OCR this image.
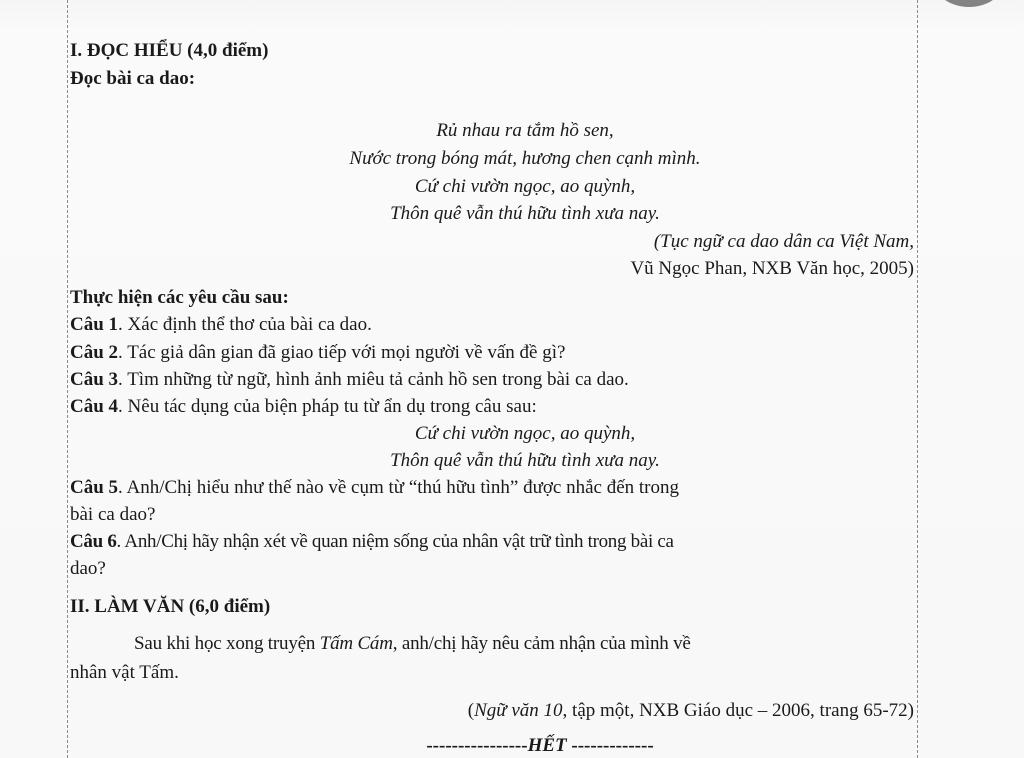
I. ĐỌC HIỂU (4,0 điểm)
Đọc bài ca dao:
Rủ nhau ra tắm hồ sen,
Nước trong bóng mát, hương chen cạnh mình.
Cứ chi vườn ngọc, ao quỳnh,
Thôn quê vẫn thú hữu tình xưa nay.
(Tục ngữ ca dao dân ca Việt Nam,
Vũ Ngọc Phan, NXB Văn học, 2005)
Thực hiện các yêu cầu sau:
Câu 1. Xác định thể thơ của bài ca dao.
Câu 2. Tác giả dân gian đã giao tiếp với mọi người về vấn đề gì?
Câu 3. Tìm những từ ngữ, hình ảnh miêu tả cảnh hồ sen trong bài ca dao.
Câu 4. Nêu tác dụng của biện pháp tu từ ẩn dụ trong câu sau:
Cứ chi vườn ngọc, ao quỳnh,
Thôn quê vẫn thú hữu tình xưa nay.
Câu 5. Anh/Chị hiểu như thế nào về cụm từ “thú hữu tình” được nhắc đến trong
bài ca dao?
Câu 6. Anh/Chị hãy nhận xét về quan niệm sống của nhân vật trữ tình trong bài ca
dao?
II. LÀM VĂN (6,0 điểm)
Sau khi học xong truyện Tấm Cám, anh/chị hãy nêu cảm nhận của mình về
nhân vật Tấm.
(Ngữ văn 10, tập một, NXB Giáo dục – 2006, trang 65-72)
----------------HẾT -------------
